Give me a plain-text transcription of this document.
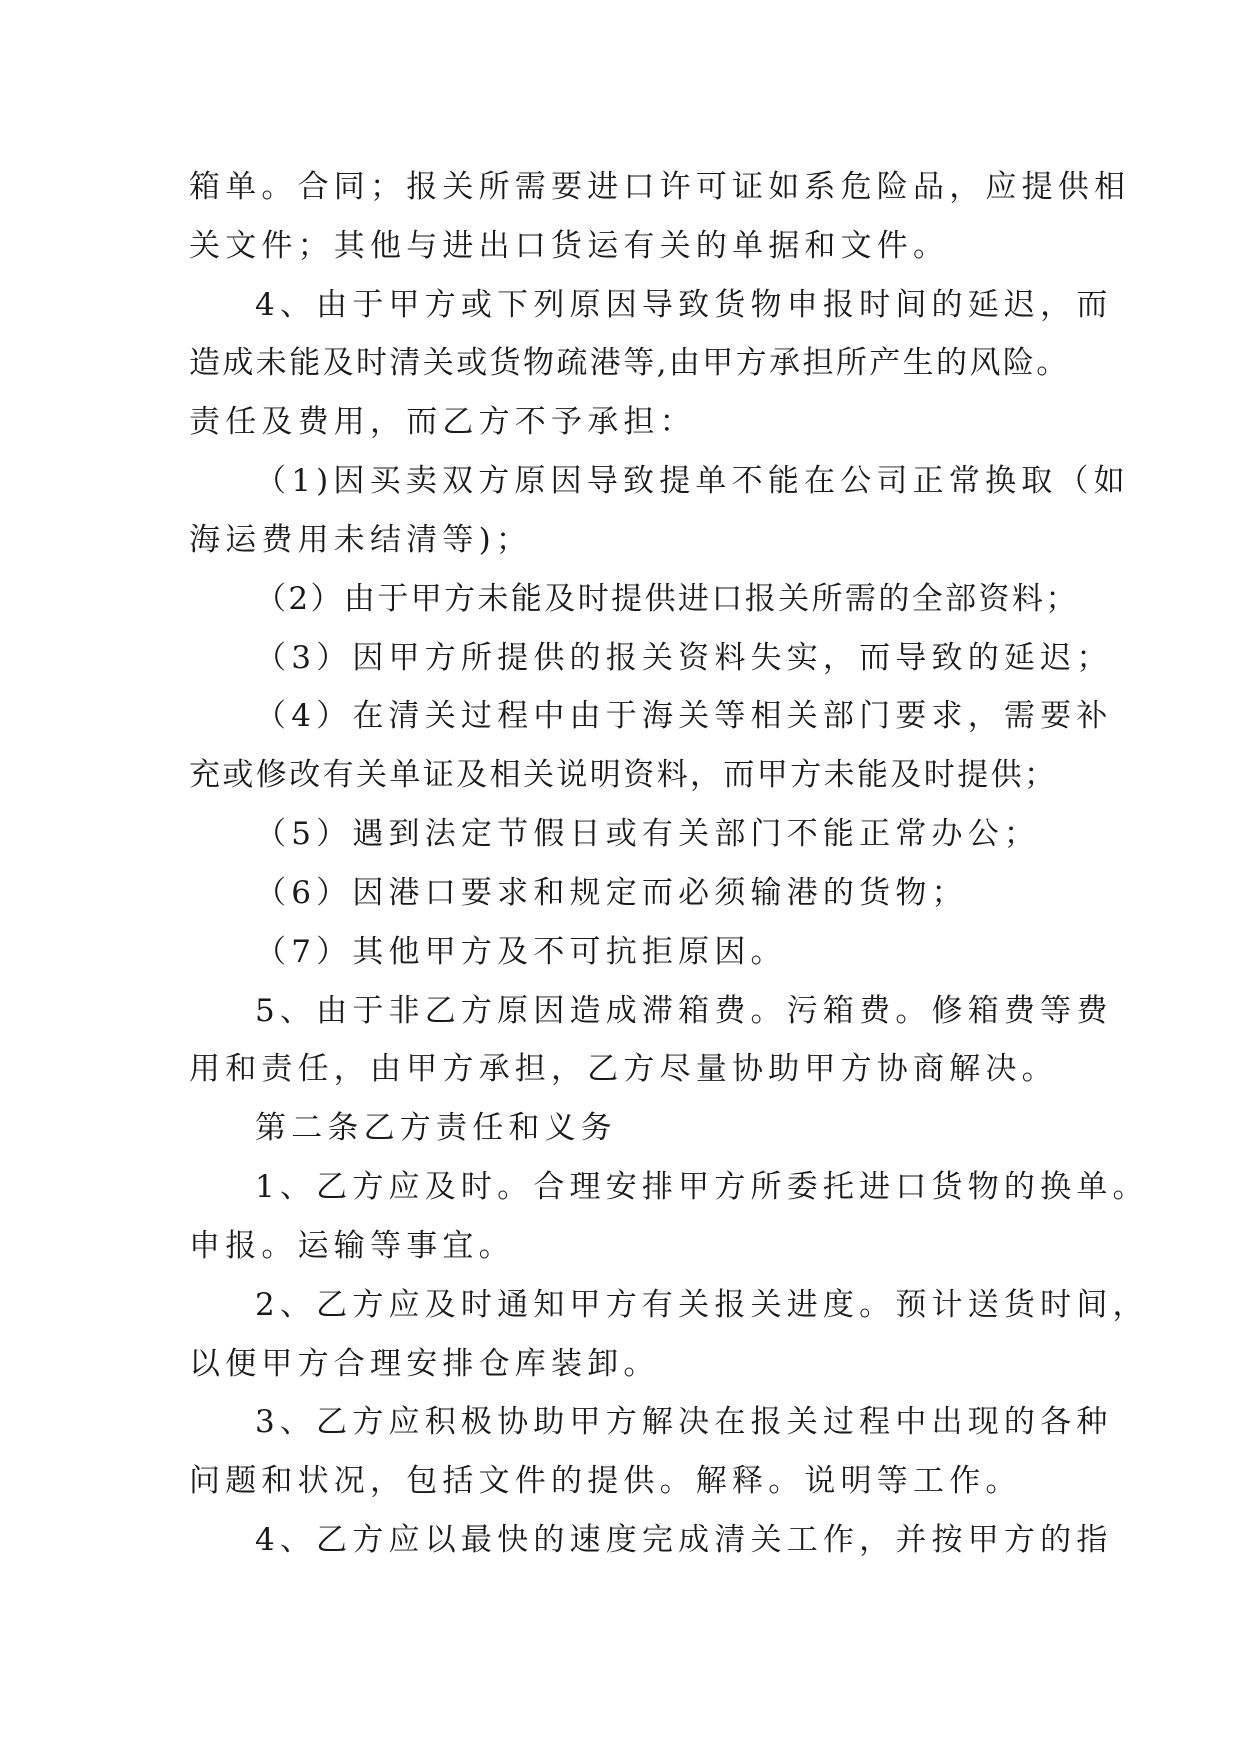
箱单。合同；报关所需要进口许可证如系危险品，应提供相
关文件；其他与进出口货运有关的单据和文件。
4、由于甲方或下列原因导致货物申报时间的延迟，而
造成未能及时清关或货物疏港等,由甲方承担所产生的风险。
责任及费用，而乙方不予承担：
（1)因买卖双方原因导致提单不能在公司正常换取（如
海运费用未结清等)；
（2）由于甲方未能及时提供进口报关所需的全部资料；
（3）因甲方所提供的报关资料失实，而导致的延迟；
（4）在清关过程中由于海关等相关部门要求，需要补
充或修改有关单证及相关说明资料，而甲方未能及时提供；
（5）遇到法定节假日或有关部门不能正常办公；
（6）因港口要求和规定而必须输港的货物；
（7）其他甲方及不可抗拒原因。
5、由于非乙方原因造成滞箱费。污箱费。修箱费等费
用和责任，由甲方承担，乙方尽量协助甲方协商解决。
第二条乙方责任和义务
1、乙方应及时。合理安排甲方所委托进口货物的换单。
申报。运输等事宜。
2、乙方应及时通知甲方有关报关进度。预计送货时间，
以便甲方合理安排仓库装卸。
3、乙方应积极协助甲方解决在报关过程中出现的各种
问题和状况，包括文件的提供。解释。说明等工作。
4、乙方应以最快的速度完成清关工作，并按甲方的指
